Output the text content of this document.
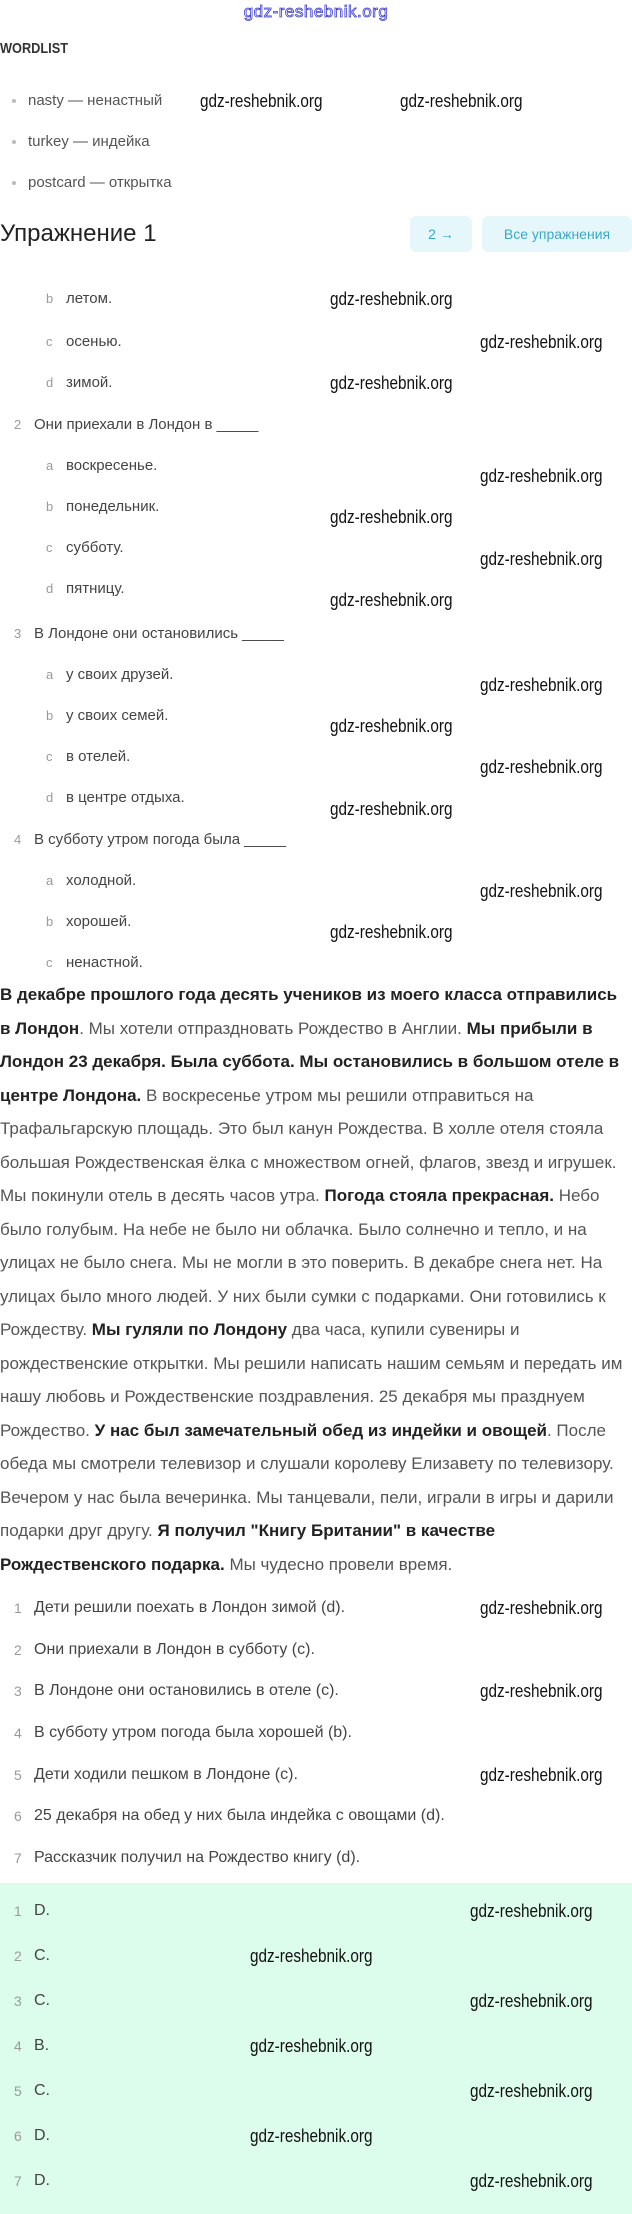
gdz-reshebnik.org
WORDLIST
nasty — ненастный
turkey — индейка
postcard — открытка
Упражнение 1	2 →	Все упражнения
b летом.
c осенью.
d зимой.
2 Они приехали в Лондон в _____
a воскресенье.
b понедельник.
c субботу.
d пятницу.
3 В Лондоне они остановились _____
a у своих друзей.
b у своих семей.
c в отелей.
d в центре отдыха.
4 В субботу утром погода была _____
a холодной.
b хорошей.
c ненастной.
В декабре прошлого года десять учеников из моего класса отправились в Лондон. Мы хотели отпраздновать Рождество в Англии. Мы прибыли в Лондон 23 декабря. Была суббота. Мы остановились в большом отеле в центре Лондона. В воскресенье утром мы решили отправиться на Трафальгарскую площадь. Это был канун Рождества. В холле отеля стояла большая Рождественская ёлка с множеством огней, флагов, звезд и игрушек. Мы покинули отель в десять часов утра. Погода стояла прекрасная. Небо было голубым. На небе не было ни облачка. Было солнечно и тепло, и на улицах не было снега. Мы не могли в это поверить. В декабре снега нет. На улицах было много людей. У них были сумки с подарками. Они готовились к Рождеству. Мы гуляли по Лондону два часа, купили сувениры и рождественские открытки. Мы решили написать нашим семьям и передать им нашу любовь и Рождественские поздравления. 25 декабря мы празднуем Рождество. У нас был замечательный обед из индейки и овощей. После обеда мы смотрели телевизор и слушали королеву Елизавету по телевизору. Вечером у нас была вечеринка. Мы танцевали, пели, играли в игры и дарили подарки друг другу. Я получил "Книгу Британии" в качестве Рождественского подарка. Мы чудесно провели время.
1 Дети решили поехать в Лондон зимой (d).	gdz-reshebnik.org
2 Они приехали в Лондон в субботу (c).
3 В Лондоне они остановились в отеле (c).	gdz-reshebnik.org
4 В субботу утром погода была хорошей (b).
5 Дети ходили пешком в Лондоне (c).	gdz-reshebnik.org
6 25 декабря на обед у них была индейка с овощами (d).
7 Рассказчик получил на Рождество книгу (d).
1 D.	gdz-reshebnik.org
2 C.	gdz-reshebnik.org
3 C.	gdz-reshebnik.org
4 B.	gdz-reshebnik.org
5 C.	gdz-reshebnik.org
6 D.	gdz-reshebnik.org
7 D.	gdz-reshebnik.org
gdz-reshebnik.org	gdz-reshebnik.org
gdz-reshebnik.org
gdz-reshebnik.org
gdz-reshebnik.org
gdz-reshebnik.org
gdz-reshebnik.org
gdz-reshebnik.org
gdz-reshebnik.org
gdz-reshebnik.org
gdz-reshebnik.org
gdz-reshebnik.org
gdz-reshebnik.org
gdz-reshebnik.org
gdz-reshebnik.org
